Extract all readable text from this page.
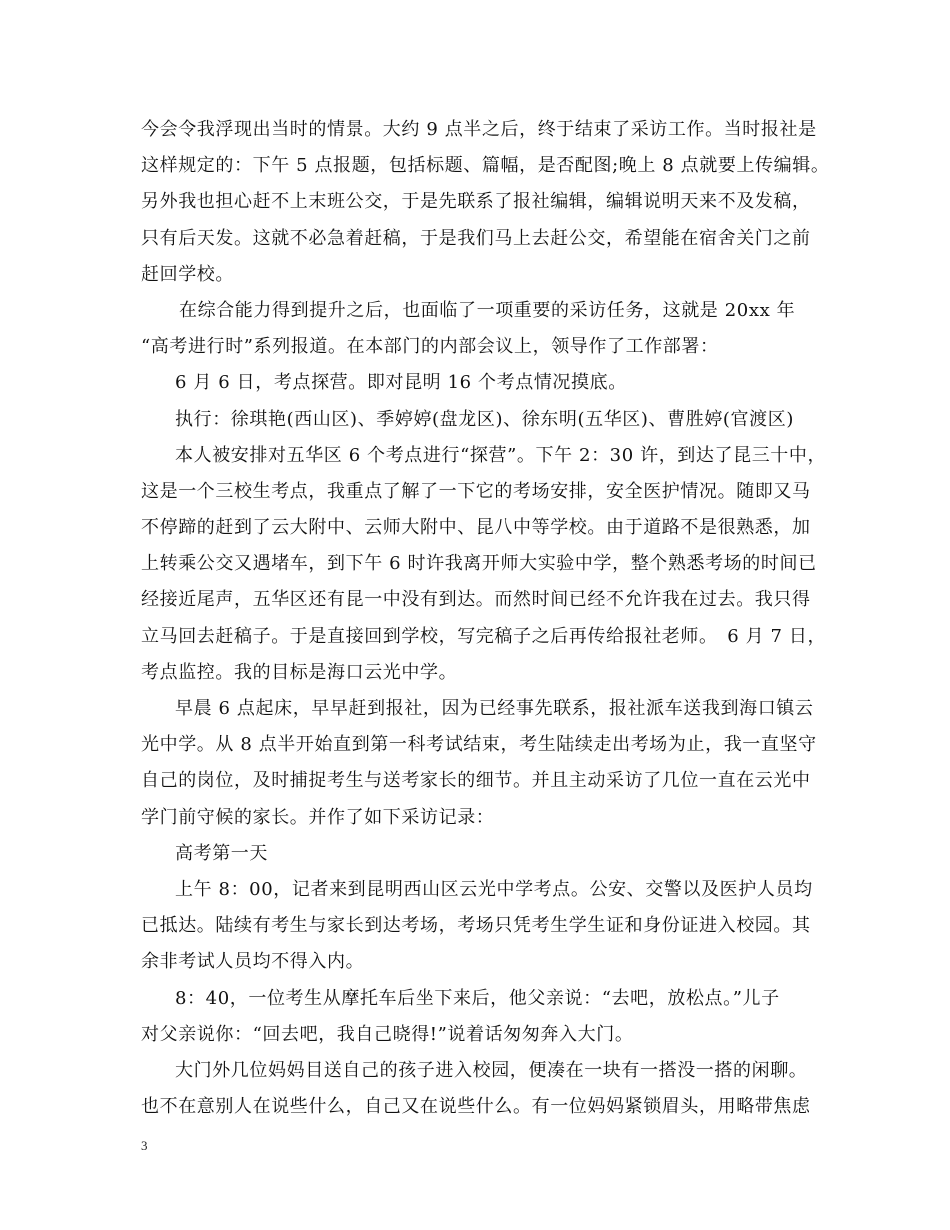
今会令我浮现出当时的情景。大约 9 点半之后，终于结束了采访工作。当时报社是
这样规定的：下午 5 点报题，包括标题、篇幅，是否配图;晚上 8 点就要上传编辑。
另外我也担心赶不上末班公交，于是先联系了报社编辑，编辑说明天来不及发稿，
只有后天发。这就不必急着赶稿，于是我们马上去赶公交，希望能在宿舍关门之前
赶回学校。
在综合能力得到提升之后，也面临了一项重要的采访任务，这就是 20xx 年
“高考进行时”系列报道。在本部门的内部会议上，领导作了工作部署：
6 月 6 日，考点探营。即对昆明 16 个考点情况摸底。
执行：徐琪艳(西山区)、季婷婷(盘龙区)、徐东明(五华区)、曹胜婷(官渡区)
本人被安排对五华区 6 个考点进行“探营”。下午 2：30 许，到达了昆三十中，
这是一个三校生考点，我重点了解了一下它的考场安排，安全医护情况。随即又马
不停蹄的赶到了云大附中、云师大附中、昆八中等学校。由于道路不是很熟悉，加
上转乘公交又遇堵车，到下午 6 时许我离开师大实验中学，整个熟悉考场的时间已
经接近尾声，五华区还有昆一中没有到达。而然时间已经不允许我在过去。我只得
立马回去赶稿子。于是直接回到学校，写完稿子之后再传给报社老师。　6 月 7 日，
考点监控。我的目标是海口云光中学。
早晨 6 点起床，早早赶到报社，因为已经事先联系，报社派车送我到海口镇云
光中学。从 8 点半开始直到第一科考试结束，考生陆续走出考场为止，我一直坚守
自己的岗位，及时捕捉考生与送考家长的细节。并且主动采访了几位一直在云光中
学门前守候的家长。并作了如下采访记录：
高考第一天
上午 8：00，记者来到昆明西山区云光中学考点。公安、交警以及医护人员均
已抵达。陆续有考生与家长到达考场，考场只凭考生学生证和身份证进入校园。其
余非考试人员均不得入内。
8：40，一位考生从摩托车后坐下来后，他父亲说：“去吧，放松点。”儿子
对父亲说你：“回去吧，我自己晓得!”说着话匆匆奔入大门。
大门外几位妈妈目送自己的孩子进入校园，便凑在一块有一搭没一搭的闲聊。
也不在意别人在说些什么，自己又在说些什么。有一位妈妈紧锁眉头，用略带焦虑
3
